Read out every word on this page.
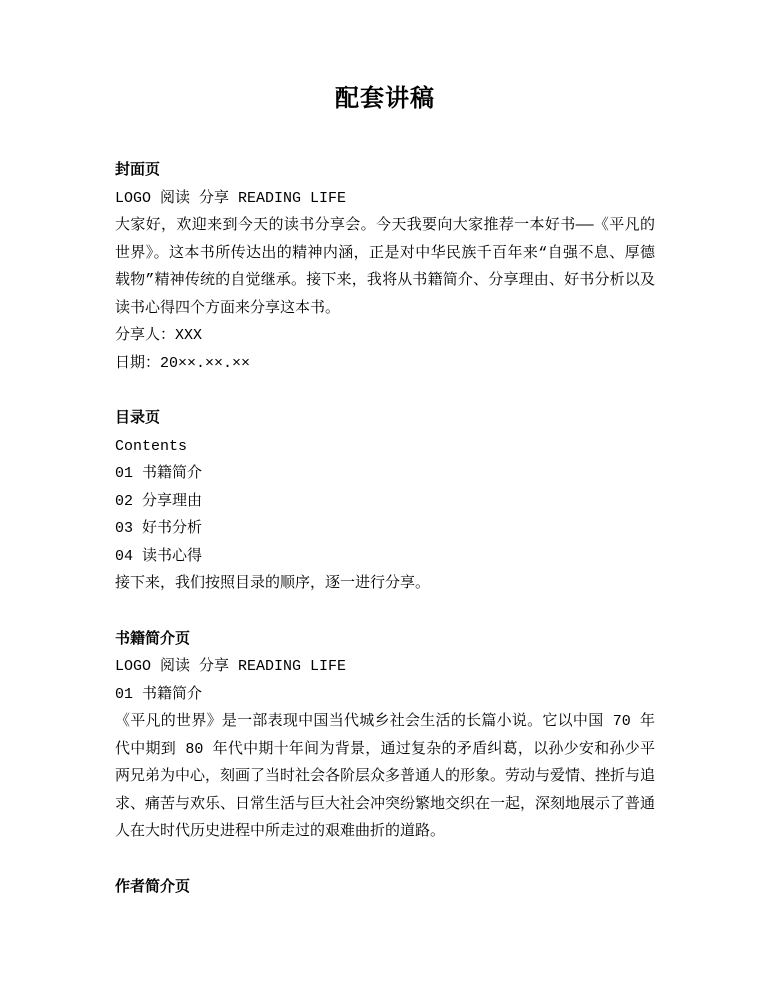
配套讲稿
封面页

LOGO 阅读 分享 READING LIFE

大家好，欢迎来到今天的读书分享会。今天我要向大家推荐一本好书——《平凡的世界》。这本书所传达出的精神内涵，正是对中华民族千百年来“自强不息、厚德载物”精神传统的自觉继承。接下来，我将从书籍简介、分享理由、好书分析以及读书心得四个方面来分享这本书。

分享人：XXX

日期：20××.××.××

目录页

Contents

01 书籍简介

02 分享理由

03 好书分析

04 读书心得

接下来，我们按照目录的顺序，逐一进行分享。

书籍简介页

LOGO 阅读 分享 READING LIFE

01 书籍简介

《平凡的世界》是一部表现中国当代城乡社会生活的长篇小说。它以中国 70 年代中期到 80 年代中期十年间为背景，通过复杂的矛盾纠葛，以孙少安和孙少平两兄弟为中心，刻画了当时社会各阶层众多普通人的形象。劳动与爱情、挫折与追求、痛苦与欢乐、日常生活与巨大社会冲突纷繁地交织在一起，深刻地展示了普通人在大时代历史进程中所走过的艰难曲折的道路。

作者简介页
